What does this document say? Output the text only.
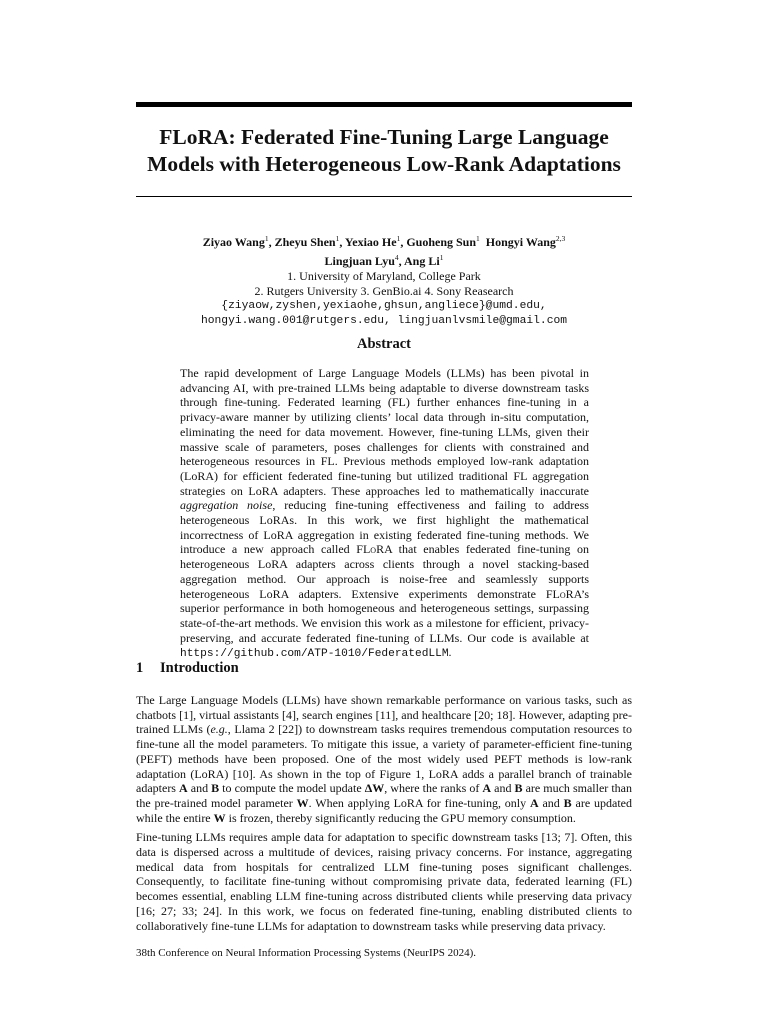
FLoRA: Federated Fine-Tuning Large Language
Models with Heterogeneous Low-Rank Adaptations
Ziyao Wang$^1$, Zheyu Shen$^1$, Yexiao He$^1$, Guoheng Sun$^1$ Hongyi Wang$^{2,3}$
Lingjuan Lyu$^4$, Ang Li$^1$
1. University of Maryland, College Park
2. Rutgers University 3. GenBio.ai 4. Sony Reasearch
{ziyaow,zyshen,yexiaohe,ghsun,angliece}@umd.edu,
hongyi.wang.001@rutgers.edu, lingjuanlvsmile@gmail.com
Abstract
The rapid development of Large Language Models (LLMs) has been pivotal in advancing AI, with pre-trained LLMs being adaptable to diverse downstream tasks through fine-tuning. Federated learning (FL) further enhances fine-tuning in a privacy-aware manner by utilizing clients’ local data through in-situ computation, eliminating the need for data movement. However, fine-tuning LLMs, given their massive scale of parameters, poses challenges for clients with constrained and heterogeneous resources in FL. Previous methods employed low-rank adaptation (LoRA) for efficient federated fine-tuning but utilized traditional FL aggregation strategies on LoRA adapters. These approaches led to mathematically inaccurate aggregation noise, reducing fine-tuning effectiveness and failing to address heterogeneous LoRAs. In this work, we first highlight the mathematical incorrectness of LoRA aggregation in existing federated fine-tuning methods. We introduce a new approach called FLoRA that enables federated fine-tuning on heterogeneous LoRA adapters across clients through a novel stacking-based aggregation method. Our approach is noise-free and seamlessly supports heterogeneous LoRA adapters. Extensive experiments demonstrate FLoRA’s superior performance in both homogeneous and heterogeneous settings, surpassing state-of-the-art methods. We envision this work as a milestone for efficient, privacy-preserving, and accurate federated fine-tuning of LLMs. Our code is available at https://github.com/ATP-1010/FederatedLLM.
1 Introduction

The Large Language Models (LLMs) have shown remarkable performance on various tasks, such as chatbots [1], virtual assistants [4], search engines [11], and healthcare [20; 18]. However, adapting pre-trained LLMs (e.g., Llama 2 [22]) to downstream tasks requires tremendous computation resources to fine-tune all the model parameters. To mitigate this issue, a variety of parameter-efficient fine-tuning (PEFT) methods have been proposed. One of the most widely used PEFT methods is low-rank adaptation (LoRA) [10]. As shown in the top of Figure 1, LoRA adds a parallel branch of trainable adapters A and B to compute the model update ΔW, where the ranks of A and B are much smaller than the pre-trained model parameter W. When applying LoRA for fine-tuning, only A and B are updated while the entire W is frozen, thereby significantly reducing the GPU memory consumption.

Fine-tuning LLMs requires ample data for adaptation to specific downstream tasks [13; 7]. Often, this data is dispersed across a multitude of devices, raising privacy concerns. For instance, aggregating medical data from hospitals for centralized LLM fine-tuning poses significant challenges. Consequently, to facilitate fine-tuning without compromising private data, federated learning (FL) becomes essential, enabling LLM fine-tuning across distributed clients while preserving data privacy [16; 27; 33; 24]. In this work, we focus on federated fine-tuning, enabling distributed clients to collaboratively fine-tune LLMs for adaptation to downstream tasks while preserving data privacy.

38th Conference on Neural Information Processing Systems (NeurIPS 2024).
